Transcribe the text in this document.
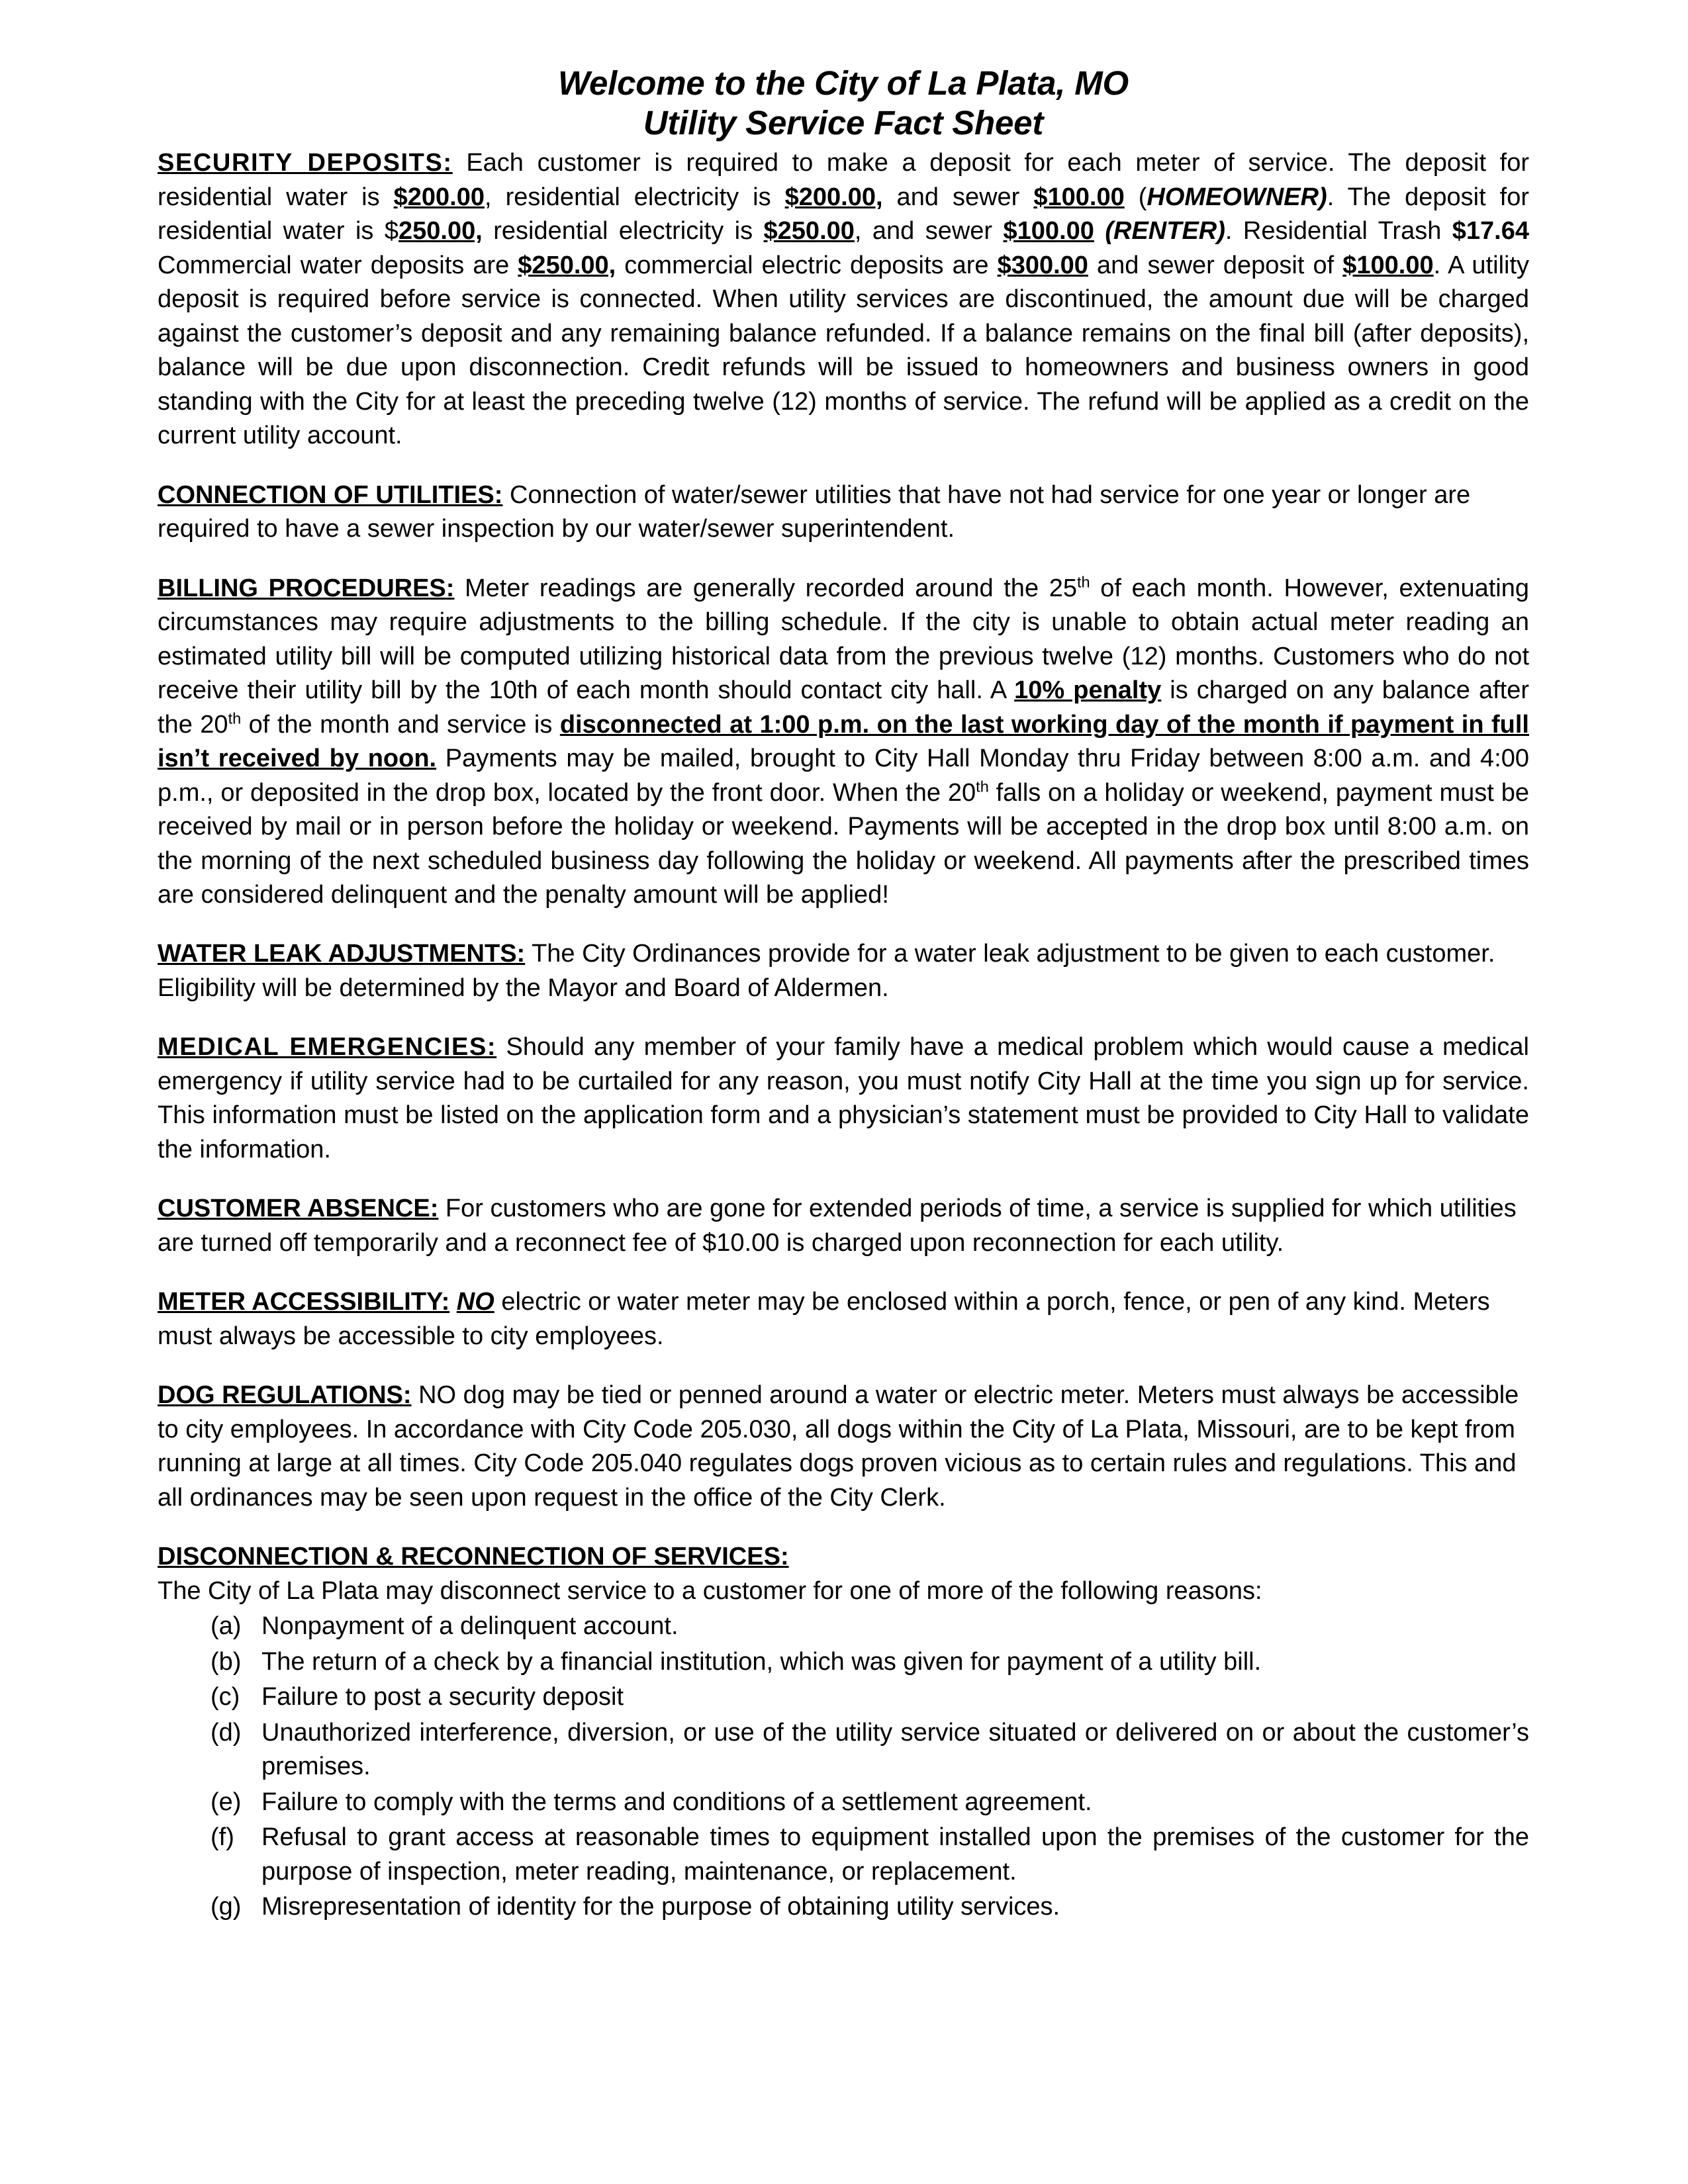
Welcome to the City of La Plata, MO
Utility Service Fact Sheet

SECURITY DEPOSITS: Each customer is required to make a deposit for each meter of service. The deposit for residential water is $200.00, residential electricity is $200.00, and sewer $100.00 (HOMEOWNER). The deposit for residential water is $250.00, residential electricity is $250.00, and sewer $100.00 (RENTER). Residential Trash $17.64 Commercial water deposits are $250.00, commercial electric deposits are $300.00 and sewer deposit of $100.00. A utility deposit is required before service is connected. When utility services are discontinued, the amount due will be charged against the customer’s deposit and any remaining balance refunded. If a balance remains on the final bill (after deposits), balance will be due upon disconnection. Credit refunds will be issued to homeowners and business owners in good standing with the City for at least the preceding twelve (12) months of service. The refund will be applied as a credit on the current utility account.

CONNECTION OF UTILITIES: Connection of water/sewer utilities that have not had service for one year or longer are required to have a sewer inspection by our water/sewer superintendent.

BILLING PROCEDURES: Meter readings are generally recorded around the 25th of each month. However, extenuating circumstances may require adjustments to the billing schedule. If the city is unable to obtain actual meter reading an estimated utility bill will be computed utilizing historical data from the previous twelve (12) months. Customers who do not receive their utility bill by the 10th of each month should contact city hall. A 10% penalty is charged on any balance after the 20th of the month and service is disconnected at 1:00 p.m. on the last working day of the month if payment in full isn’t received by noon. Payments may be mailed, brought to City Hall Monday thru Friday between 8:00 a.m. and 4:00 p.m., or deposited in the drop box, located by the front door. When the 20th falls on a holiday or weekend, payment must be received by mail or in person before the holiday or weekend. Payments will be accepted in the drop box until 8:00 a.m. on the morning of the next scheduled business day following the holiday or weekend. All payments after the prescribed times are considered delinquent and the penalty amount will be applied!

WATER LEAK ADJUSTMENTS: The City Ordinances provide for a water leak adjustment to be given to each customer. Eligibility will be determined by the Mayor and Board of Aldermen.

MEDICAL EMERGENCIES: Should any member of your family have a medical problem which would cause a medical emergency if utility service had to be curtailed for any reason, you must notify City Hall at the time you sign up for service. This information must be listed on the application form and a physician’s statement must be provided to City Hall to validate the information.

CUSTOMER ABSENCE: For customers who are gone for extended periods of time, a service is supplied for which utilities are turned off temporarily and a reconnect fee of $10.00 is charged upon reconnection for each utility.

METER ACCESSIBILITY: NO electric or water meter may be enclosed within a porch, fence, or pen of any kind. Meters must always be accessible to city employees.

DOG REGULATIONS: NO dog may be tied or penned around a water or electric meter. Meters must always be accessible to city employees. In accordance with City Code 205.030, all dogs within the City of La Plata, Missouri, are to be kept from running at large at all times. City Code 205.040 regulates dogs proven vicious as to certain rules and regulations. This and all ordinances may be seen upon request in the office of the City Clerk.

DISCONNECTION & RECONNECTION OF SERVICES:
The City of La Plata may disconnect service to a customer for one of more of the following reasons:
(a) Nonpayment of a delinquent account.
(b) The return of a check by a financial institution, which was given for payment of a utility bill.
(c) Failure to post a security deposit
(d) Unauthorized interference, diversion, or use of the utility service situated or delivered on or about the customer’s premises.
(e) Failure to comply with the terms and conditions of a settlement agreement.
(f)	Refusal to grant access at reasonable times to equipment installed upon the premises of the customer for the purpose of inspection, meter reading, maintenance, or replacement.
(g) Misrepresentation of identity for the purpose of obtaining utility services.
